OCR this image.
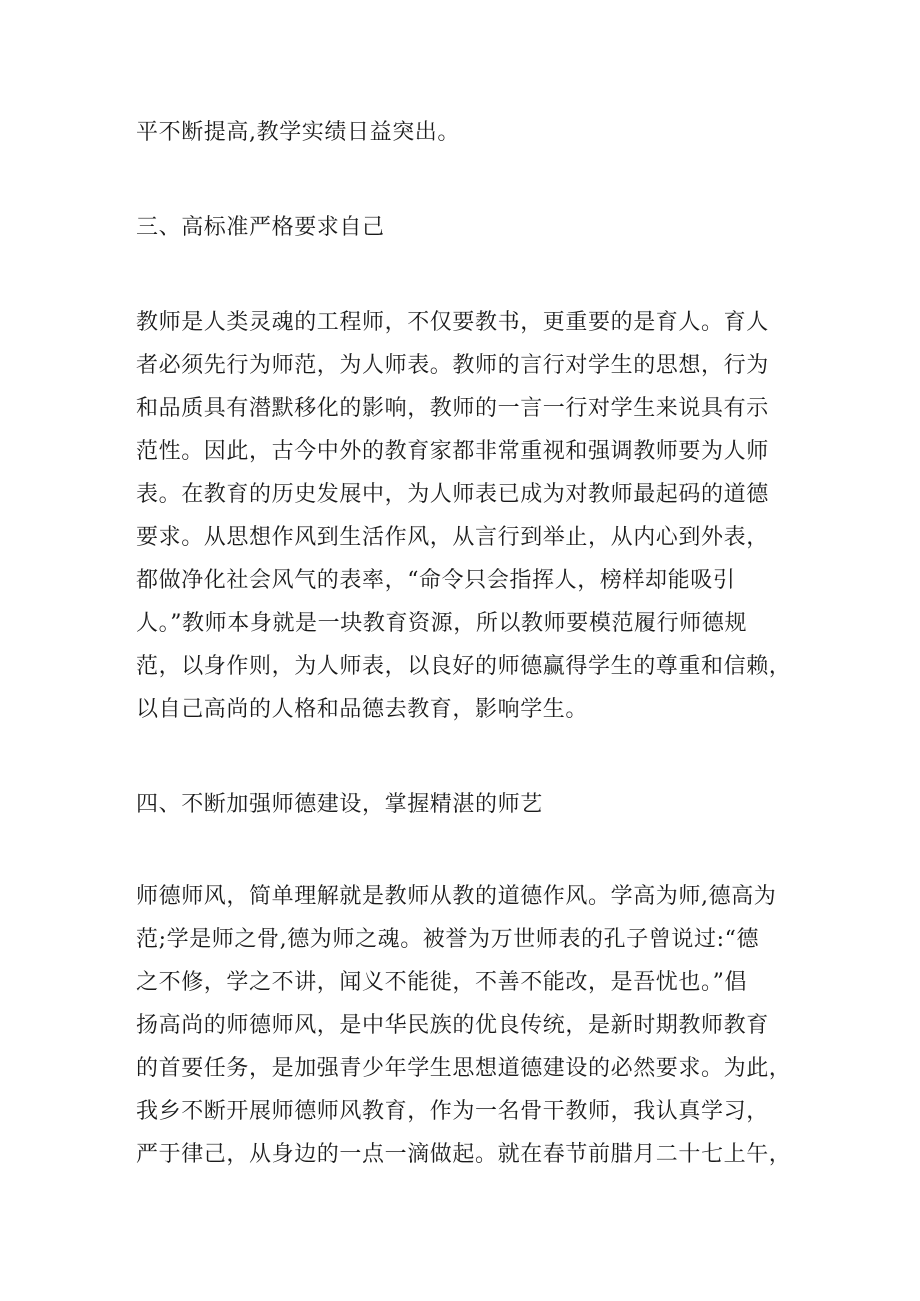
平不断提高,教学实绩日益突出。

三、高标准严格要求自己

教师是人类灵魂的工程师，不仅要教书，更重要的是育人。育人

者必须先行为师范，为人师表。教师的言行对学生的思想，行为

和品质具有潜默移化的影响，教师的一言一行对学生来说具有示

范性。因此，古今中外的教育家都非常重视和强调教师要为人师

表。在教育的历史发展中，为人师表已成为对教师最起码的道德

要求。从思想作风到生活作风，从言行到举止，从内心到外表，

都做净化社会风气的表率，“命令只会指挥人，榜样却能吸引

人。”教师本身就是一块教育资源，所以教师要模范履行师德规

范，以身作则，为人师表，以良好的师德赢得学生的尊重和信赖，

以自己高尚的人格和品德去教育，影响学生。

四、不断加强师德建设，掌握精湛的师艺

师德师风，简单理解就是教师从教的道德作风。学高为师,德高为

范;学是师之骨,德为师之魂。被誉为万世师表的孔子曾说过:“德

之不修，学之不讲，闻义不能徙，不善不能改，是吾忧也。”倡

扬高尚的师德师风，是中华民族的优良传统，是新时期教师教育

的首要任务，是加强青少年学生思想道德建设的必然要求。为此，

我乡不断开展师德师风教育，作为一名骨干教师，我认真学习，

严于律己，从身边的一点一滴做起。就在春节前腊月二十七上午，
